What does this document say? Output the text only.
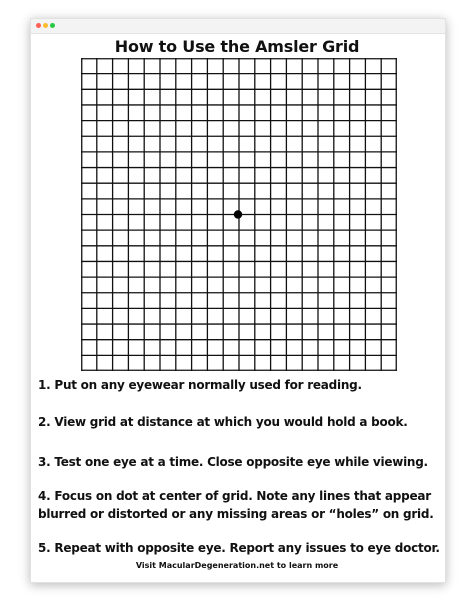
How to Use the Amsler Grid
1. Put on any eyewear normally used for reading.
2. View grid at distance at which you would hold a book.
3. Test one eye at a time. Close opposite eye while viewing.
4. Focus on dot at center of grid. Note any lines that appear
blurred or distorted or any missing areas or “holes” on grid.
5. Repeat with opposite eye. Report any issues to eye doctor.
Visit MacularDegeneration.net to learn more
